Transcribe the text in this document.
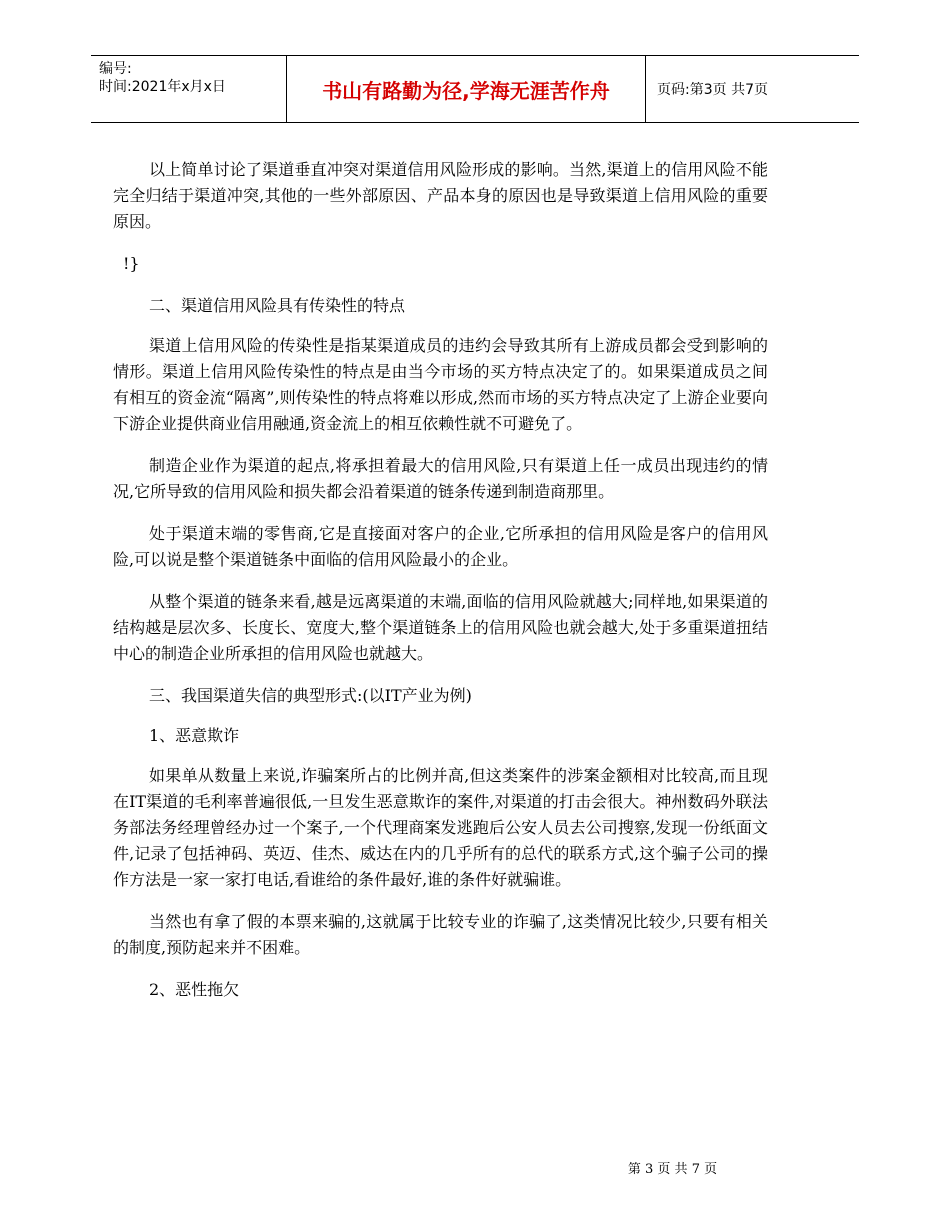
编号:
时间:2021年x月x日	书山有路勤为径,学海无涯苦作舟	页码:第3页 共7页

以上简单讨论了渠道垂直冲突对渠道信用风险形成的影响。当然,渠道上的信用风险不能完全归结于渠道冲突,其他的一些外部原因、产品本身的原因也是导致渠道上信用风险的重要原因。

!}

二、渠道信用风险具有传染性的特点

渠道上信用风险的传染性是指某渠道成员的违约会导致其所有上游成员都会受到影响的情形。渠道上信用风险传染性的特点是由当今市场的买方特点决定了的。如果渠道成员之间有相互的资金流“隔离”,则传染性的特点将难以形成,然而市场的买方特点决定了上游企业要向下游企业提供商业信用融通,资金流上的相互依赖性就不可避免了。

制造企业作为渠道的起点,将承担着最大的信用风险,只有渠道上任一成员出现违约的情况,它所导致的信用风险和损失都会沿着渠道的链条传递到制造商那里。

处于渠道末端的零售商,它是直接面对客户的企业,它所承担的信用风险是客户的信用风险,可以说是整个渠道链条中面临的信用风险最小的企业。

从整个渠道的链条来看,越是远离渠道的末端,面临的信用风险就越大;同样地,如果渠道的结构越是层次多、长度长、宽度大,整个渠道链条上的信用风险也就会越大,处于多重渠道扭结中心的制造企业所承担的信用风险也就越大。

三、我国渠道失信的典型形式:(以IT产业为例)

1、恶意欺诈

如果单从数量上来说,诈骗案所占的比例并高,但这类案件的涉案金额相对比较高,而且现在IT渠道的毛利率普遍很低,一旦发生恶意欺诈的案件,对渠道的打击会很大。神州数码外联法务部法务经理曾经办过一个案子,一个代理商案发逃跑后公安人员去公司搜察,发现一份纸面文件,记录了包括神码、英迈、佳杰、威达在内的几乎所有的总代的联系方式,这个骗子公司的操作方法是一家一家打电话,看谁给的条件最好,谁的条件好就骗谁。

当然也有拿了假的本票来骗的,这就属于比较专业的诈骗了,这类情况比较少,只要有相关的制度,预防起来并不困难。

2、恶性拖欠

第 3 页 共 7 页
